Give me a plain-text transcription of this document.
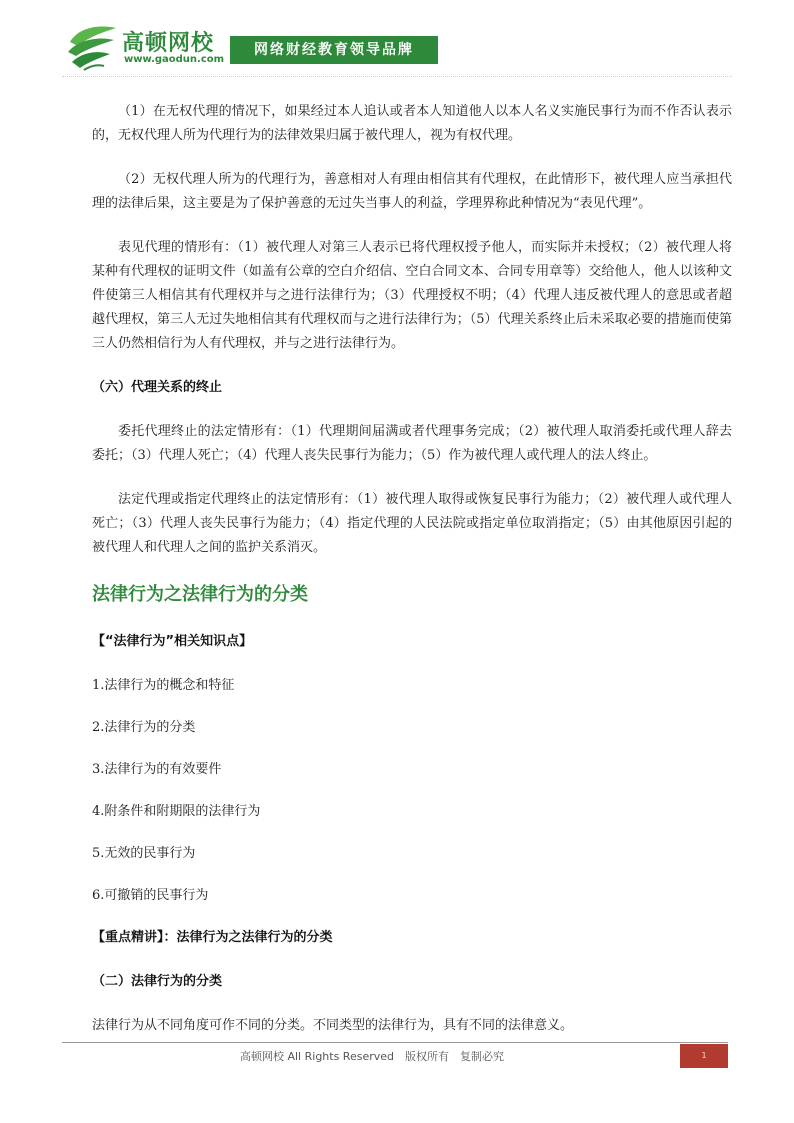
高顿网校
www.gaodun.com
网络财经教育领导品牌

（1）在无权代理的情况下，如果经过本人追认或者本人知道他人以本人名义实施民事行为而不作否认表示的，无权代理人所为代理行为的法律效果归属于被代理人，视为有权代理。

（2）无权代理人所为的代理行为，善意相对人有理由相信其有代理权，在此情形下，被代理人应当承担代理的法律后果，这主要是为了保护善意的无过失当事人的利益，学理界称此种情况为“表见代理”。

表见代理的情形有：（1）被代理人对第三人表示已将代理权授予他人，而实际并未授权；（2）被代理人将某种有代理权的证明文件（如盖有公章的空白介绍信、空白合同文本、合同专用章等）交给他人，他人以该种文件使第三人相信其有代理权并与之进行法律行为；（3）代理授权不明；（4）代理人违反被代理人的意思或者超越代理权，第三人无过失地相信其有代理权而与之进行法律行为；（5）代理关系终止后未采取必要的措施而使第三人仍然相信行为人有代理权，并与之进行法律行为。

（六）代理关系的终止

委托代理终止的法定情形有：（1）代理期间届满或者代理事务完成；（2）被代理人取消委托或代理人辞去委托；（3）代理人死亡；（4）代理人丧失民事行为能力；（5）作为被代理人或代理人的法人终止。

法定代理或指定代理终止的法定情形有：（1）被代理人取得或恢复民事行为能力；（2）被代理人或代理人死亡；（3）代理人丧失民事行为能力；（4）指定代理的人民法院或指定单位取消指定；（5）由其他原因引起的被代理人和代理人之间的监护关系消灭。

法律行为之法律行为的分类

【“法律行为”相关知识点】

1.法律行为的概念和特征

2.法律行为的分类

3.法律行为的有效要件

4.附条件和附期限的法律行为

5.无效的民事行为

6.可撤销的民事行为

【重点精讲】：法律行为之法律行为的分类

（二）法律行为的分类

法律行为从不同角度可作不同的分类。不同类型的法律行为，具有不同的法律意义。

高顿网校 All Rights Reserved　版权所有　复制必究	1
